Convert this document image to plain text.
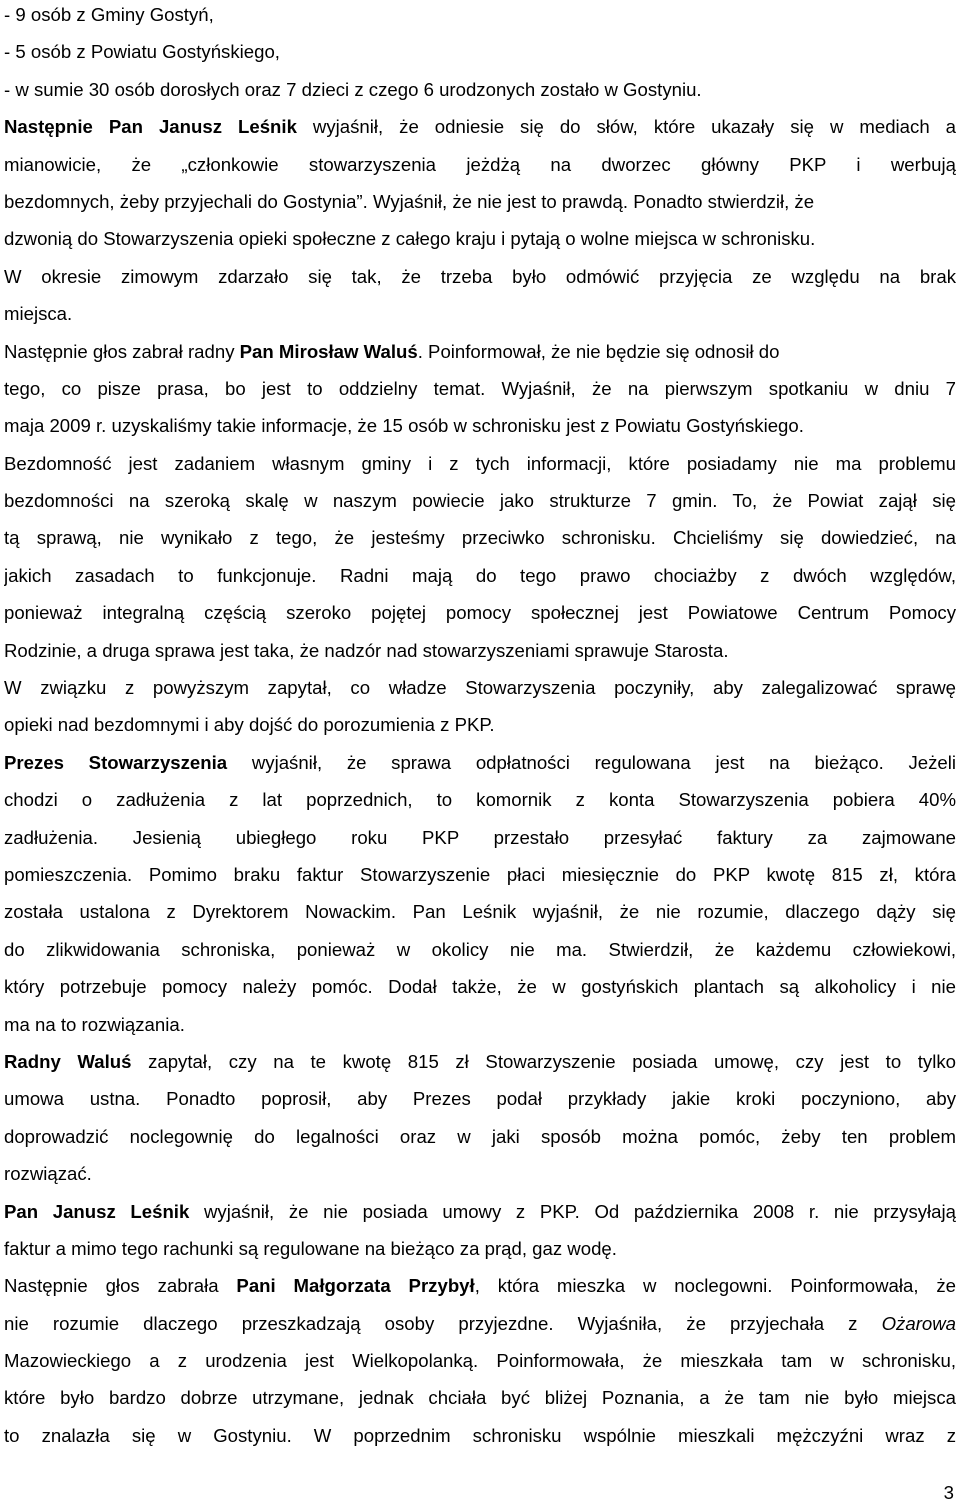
- 9 osób z Gminy Gostyń,
- 5 osób z Powiatu Gostyńskiego,
- w sumie 30 osób dorosłych oraz 7 dzieci z czego 6 urodzonych zostało w Gostyniu.
Następnie Pan Janusz Leśnik wyjaśnił, że odniesie się do słów, które ukazały się w mediach a
mianowicie, że „członkowie stowarzyszenia jeżdżą na dworzec główny PKP i werbują
bezdomnych, żeby przyjechali do Gostynia”. Wyjaśnił, że nie jest to prawdą. Ponadto stwierdził, że
dzwonią do Stowarzyszenia opieki społeczne z całego kraju i pytają o wolne miejsca w schronisku.
W okresie zimowym zdarzało się tak, że trzeba było odmówić przyjęcia ze względu na brak
miejsca.
Następnie głos zabrał radny Pan Mirosław Waluś. Poinformował, że nie będzie się odnosił do
tego, co pisze prasa, bo jest to oddzielny temat. Wyjaśnił, że na pierwszym spotkaniu w dniu 7
maja 2009 r. uzyskaliśmy takie informacje, że 15 osób w schronisku jest z Powiatu Gostyńskiego.
Bezdomność jest zadaniem własnym gminy i z tych informacji, które posiadamy nie ma problemu
bezdomności na szeroką skalę w naszym powiecie jako strukturze 7 gmin. To, że Powiat zajął się
tą sprawą, nie wynikało z tego, że jesteśmy przeciwko schronisku. Chcieliśmy się dowiedzieć, na
jakich zasadach to funkcjonuje. Radni mają do tego prawo chociażby z dwóch względów,
ponieważ integralną częścią szeroko pojętej pomocy społecznej jest Powiatowe Centrum Pomocy
Rodzinie, a druga sprawa jest taka, że nadzór nad stowarzyszeniami sprawuje Starosta.
W związku z powyższym zapytał, co władze Stowarzyszenia poczyniły, aby zalegalizować sprawę
opieki nad bezdomnymi i aby dojść do porozumienia z PKP.
Prezes Stowarzyszenia wyjaśnił, że sprawa odpłatności regulowana jest na bieżąco. Jeżeli
chodzi o zadłużenia z lat poprzednich, to komornik z konta Stowarzyszenia pobiera 40%
zadłużenia. Jesienią ubiegłego roku PKP przestało przesyłać faktury za zajmowane
pomieszczenia. Pomimo braku faktur Stowarzyszenie płaci miesięcznie do PKP kwotę 815 zł, która
została ustalona z Dyrektorem Nowackim. Pan Leśnik wyjaśnił, że nie rozumie, dlaczego dąży się
do zlikwidowania schroniska, ponieważ w okolicy nie ma. Stwierdził, że każdemu człowiekowi,
który potrzebuje pomocy należy pomóc. Dodał także, że w gostyńskich plantach są alkoholicy i nie
ma na to rozwiązania.
Radny Waluś zapytał, czy na te kwotę 815 zł Stowarzyszenie posiada umowę, czy jest to tylko
umowa ustna. Ponadto poprosił, aby Prezes podał przykłady jakie kroki poczyniono, aby
doprowadzić noclegownię do legalności oraz w jaki sposób można pomóc, żeby ten problem
rozwiązać.
Pan Janusz Leśnik wyjaśnił, że nie posiada umowy z PKP. Od października 2008 r. nie przysyłają
faktur a mimo tego rachunki są regulowane na bieżąco za prąd, gaz wodę.
Następnie głos zabrała Pani Małgorzata Przybył, która mieszka w noclegowni. Poinformowała, że
nie rozumie dlaczego przeszkadzają osoby przyjezdne. Wyjaśniła, że przyjechała z Ożarowa
Mazowieckiego a z urodzenia jest Wielkopolanką. Poinformowała, że mieszkała tam w schronisku,
które było bardzo dobrze utrzymane, jednak chciała być bliżej Poznania, a że tam nie było miejsca
to znalazła się w Gostyniu. W poprzednim schronisku wspólnie mieszkali mężczyźni wraz z
3
